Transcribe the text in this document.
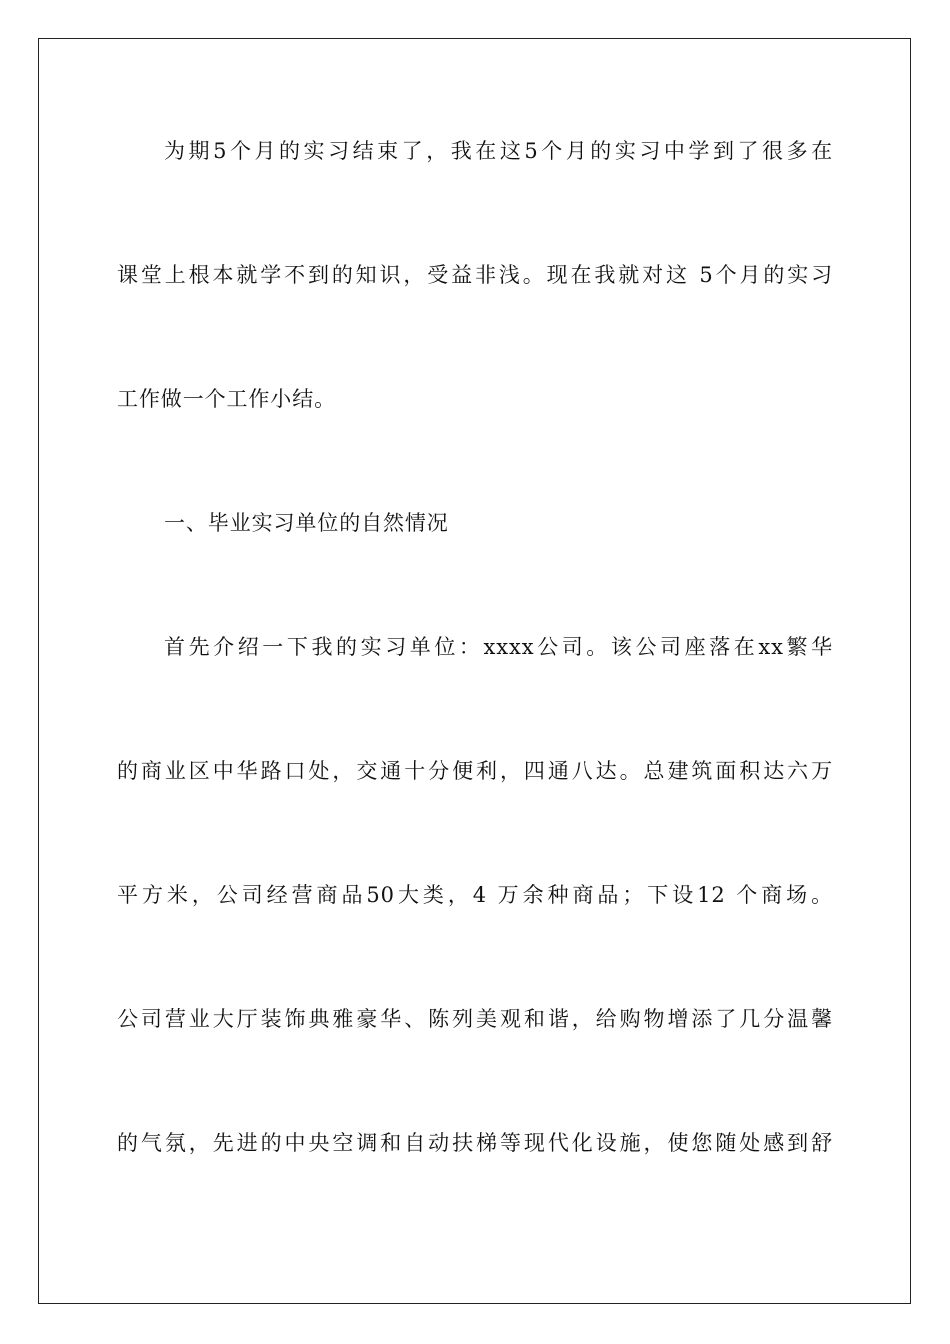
为期5个月的实习结束了，我在这5个月的实习中学到了很多在
课堂上根本就学不到的知识，受益非浅。现在我就对这 5个月的实习
工作做一个工作小结。
一、毕业实习单位的自然情况
首先介绍一下我的实习单位：xxxx公司。该公司座落在xx繁华
的商业区中华路口处，交通十分便利，四通八达。总建筑面积达六万
平方米，公司经营商品50大类，4 万余种商品；下设12 个商场。
公司营业大厅装饰典雅豪华、陈列美观和谐，给购物增添了几分温馨
的气氛，先进的中央空调和自动扶梯等现代化设施，使您随处感到舒
